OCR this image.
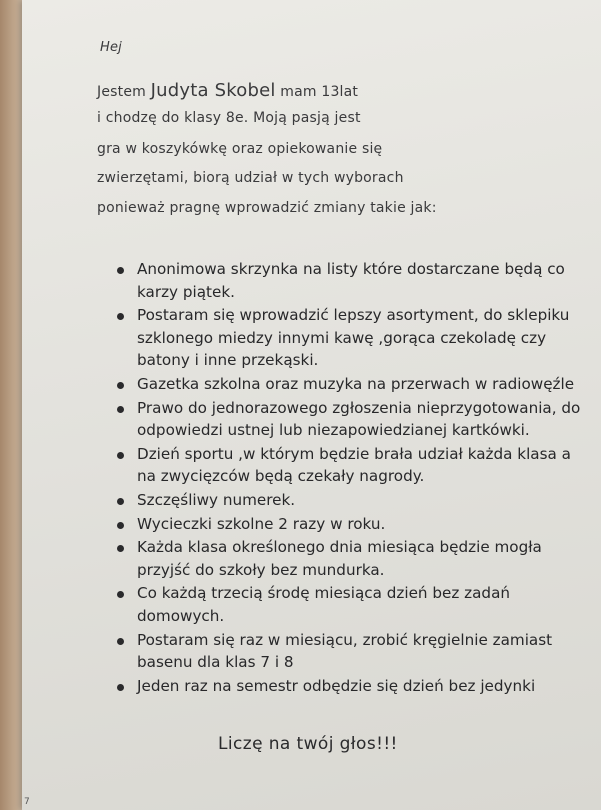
Hej
Jestem Judyta Skobel mam 13lat
i chodzę do klasy 8e. Moją pasją jest
gra w koszykówkę oraz opiekowanie się
zwierzętami, biorą udział w tych wyborach
ponieważ pragnę wprowadzić zmiany takie jak:
Anonimowa skrzynka na listy które dostarczane będą co karzy piątek.
Postaram się wprowadzić lepszy asortyment, do sklepiku szklonego miedzy innymi kawę ,gorąca czekoladę czy batony i inne przekąski.
Gazetka szkolna oraz muzyka na przerwach w radiowęźle
Prawo do jednorazowego zgłoszenia nieprzygotowania, do odpowiedzi ustnej lub niezapowiedzianej kartkówki.
Dzień sportu ,w którym będzie brała udział każda klasa a na zwycięzców będą czekały nagrody.
Szczęśliwy numerek.
Wycieczki szkolne 2 razy w roku.
Każda klasa określonego dnia miesiąca będzie mogła przyjść do szkoły bez mundurka.
Co każdą trzecią środę miesiąca dzień bez zadań domowych.
Postaram się raz w miesiącu, zrobić kręgielnie zamiast basenu dla klas 7 i 8
Jeden raz na semestr odbędzie się dzień bez jedynki
Liczę na twój głos!!!
7
